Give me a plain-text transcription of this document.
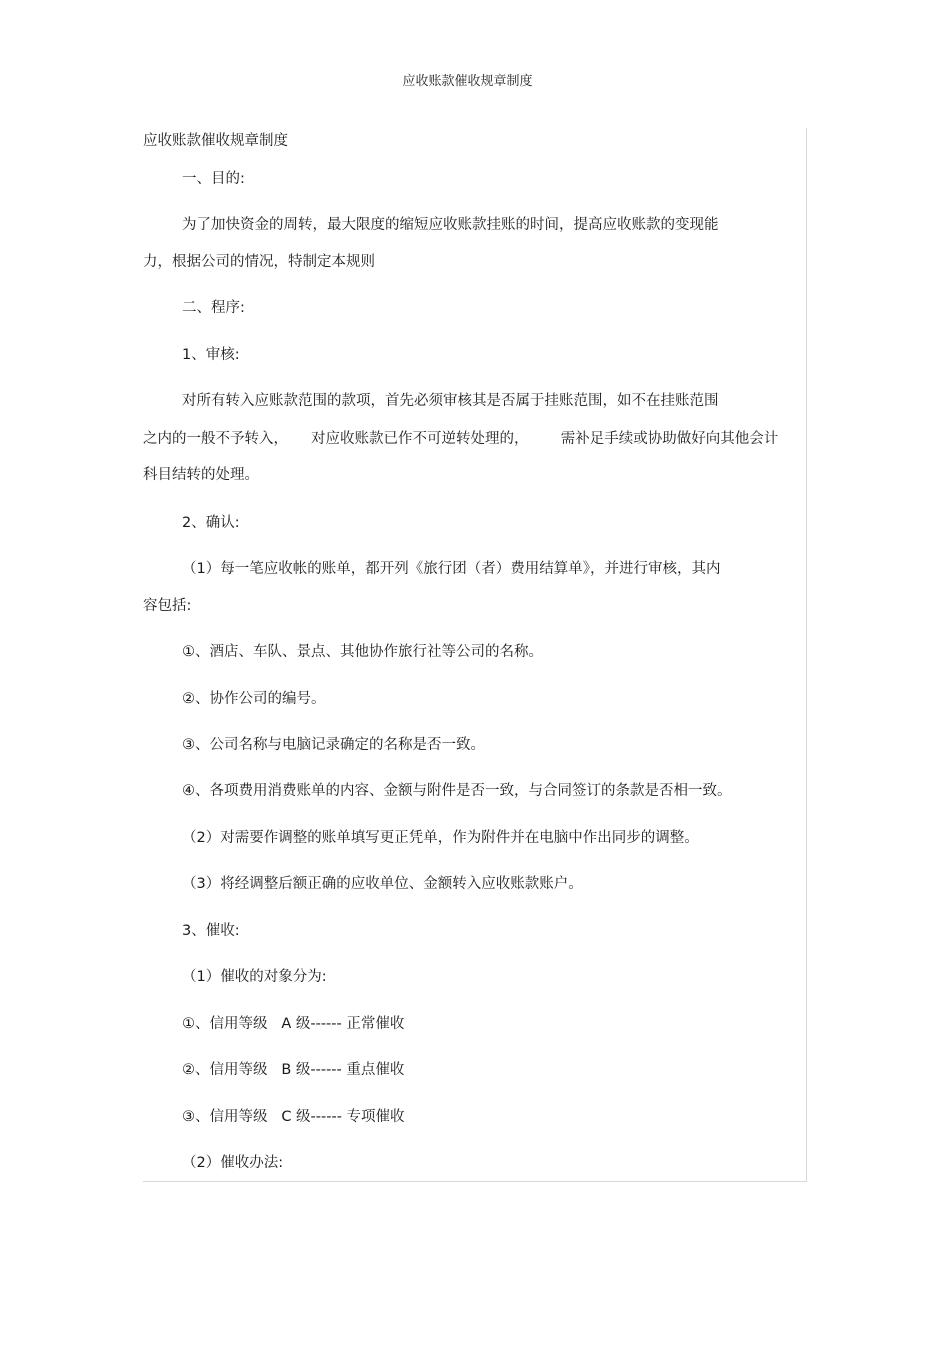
应收账款催收规章制度
应收账款催收规章制度
一、目的:
为了加快资金的周转，最大限度的缩短应收账款挂账的时间，提高应收账款的变现能
力，根据公司的情况，特制定本规则
二、程序:
1、审核:
对所有转入应账款范围的款项，首先必须审核其是否属于挂账范围，如不在挂账范围
之内的一般不予转入，     对应收账款已作不可逆转处理的，       需补足手续或协助做好向其他会计
科目结转的处理。
2、确认:
（1）每一笔应收帐的账单，都开列《旅行团（者）费用结算单》，并进行审核，其内
容包括:
①、酒店、车队、景点、其他协作旅行社等公司的名称。
②、协作公司的编号。
③、公司名称与电脑记录确定的名称是否一致。
④、各项费用消费账单的内容、金额与附件是否一致，与合同签订的条款是否相一致。
（2）对需要作调整的账单填写更正凭单，作为附件并在电脑中作出同步的调整。
（3）将经调整后额正确的应收单位、金额转入应收账款账户。
3、催收:
（1）催收的对象分为:
①、信用等级   A 级------ 正常催收
②、信用等级   B 级------ 重点催收
③、信用等级   C 级------ 专项催收
（2）催收办法:
